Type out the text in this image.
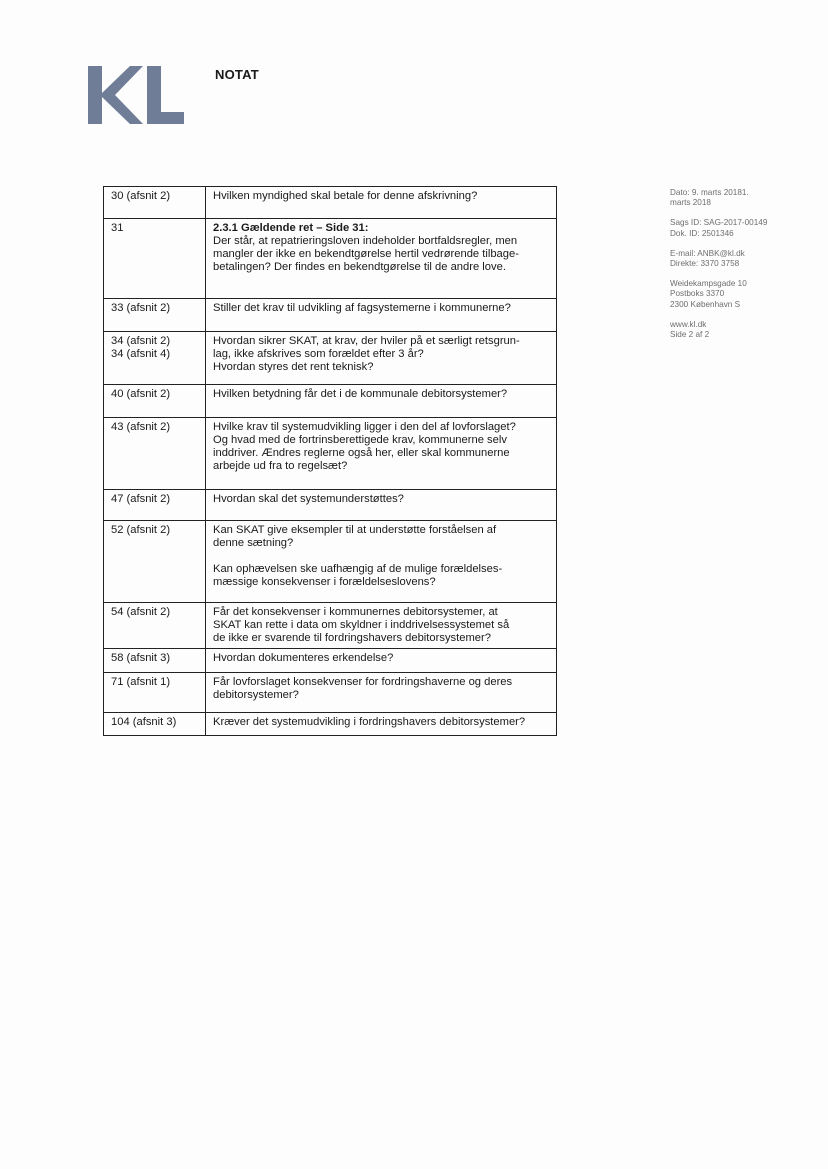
NOTAT
30 (afsnit 2)	Hvilken myndighed skal betale for denne afskrivning?

31	2.3.1 Gældende ret – Side 31:
Der står, at repatrieringsloven indeholder bortfaldsregler, men
mangler der ikke en bekendtgørelse hertil vedrørende tilbage-
betalingen? Der findes en bekendtgørelse til de andre love.

33 (afsnit 2)	Stiller det krav til udvikling af fagsystemerne i kommunerne?

34 (afsnit 2)
34 (afsnit 4)	Hvordan sikrer SKAT, at krav, der hviler på et særligt retsgrun-
lag, ikke afskrives som forældet efter 3 år?
Hvordan styres det rent teknisk?

40 (afsnit 2)	Hvilken betydning får det i de kommunale debitorsystemer?

43 (afsnit 2)	Hvilke krav til systemudvikling ligger i den del af lovforslaget?
Og hvad med de fortrinsberettigede krav, kommunerne selv
inddriver. Ændres reglerne også her, eller skal kommunerne
arbejde ud fra to regelsæt?

47 (afsnit 2)	Hvordan skal det systemunderstøttes?

52 (afsnit 2)	Kan SKAT give eksempler til at understøtte forståelsen af
denne sætning?
Kan ophævelsen ske uafhængig af de mulige forældelses-
mæssige konsekvenser i forældelseslovens?

54 (afsnit 2)	Får det konsekvenser i kommunernes debitorsystemer, at
SKAT kan rette i data om skyldner i inddrivelsessystemet så
de ikke er svarende til fordringshavers debitorsystemer?

58 (afsnit 3)	Hvordan dokumenteres erkendelse?

71 (afsnit 1)	Får lovforslaget konsekvenser for fordringshaverne og deres
debitorsystemer?

104 (afsnit 3)	Kræver det systemudvikling i fordringshavers debitorsystemer?
Dato: 9. marts 20181. marts 2018
Sags ID: SAG-2017-00149
Dok. ID: 2501346
E-mail: ANBK@kl.dk
Direkte: 3370 3758
Weidekampsgade 10
Postboks 3370
2300 København S
www.kl.dk
Side 2 af 2
